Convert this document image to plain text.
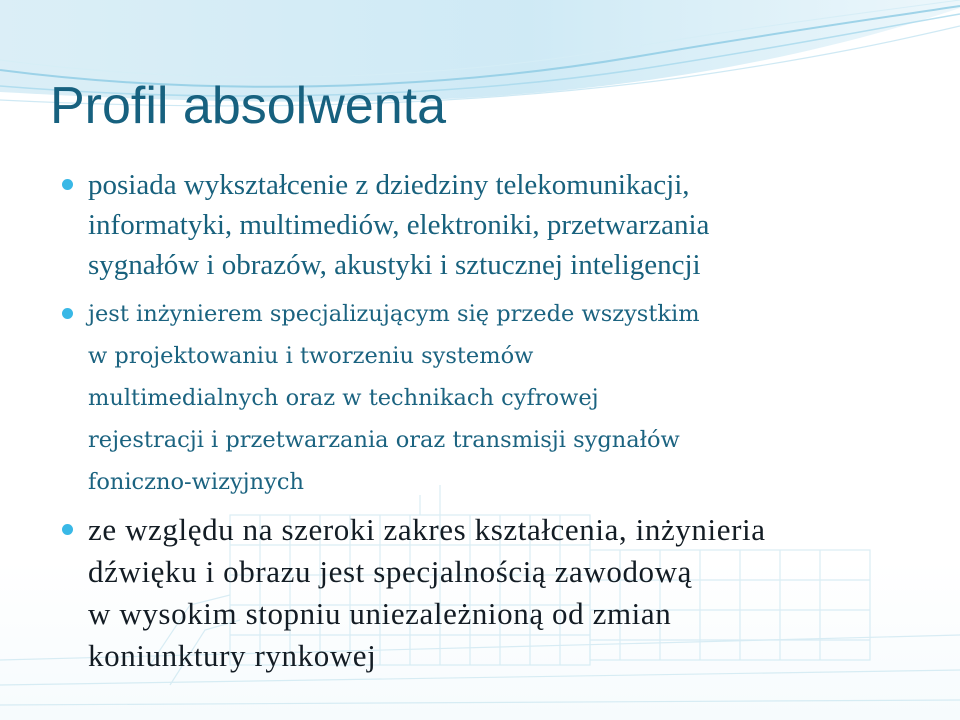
Profil absolwenta
posiada wykształcenie z dziedziny telekomunikacji,
informatyki, multimediów, elektroniki, przetwarzania
sygnałów i obrazów, akustyki i sztucznej inteligencji
jest inżynierem specjalizującym się przede wszystkim
w projektowaniu i tworzeniu systemów
multimedialnych oraz w technikach cyfrowej
rejestracji i przetwarzania oraz transmisji sygnałów
foniczno-wizyjnych
ze względu na szeroki zakres kształcenia, inżynieria
dźwięku i obrazu jest specjalnością zawodową
w wysokim stopniu uniezależnioną od zmian
koniunktury rynkowej
